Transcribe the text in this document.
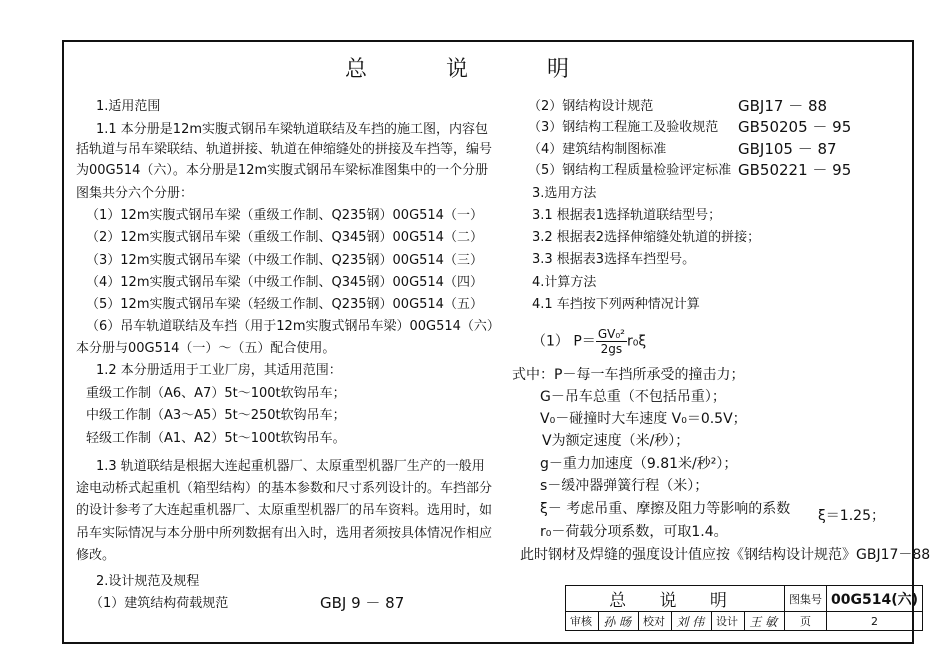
总 说 明
1.适用范围
1.1 本分册是12m实腹式钢吊车梁轨道联结及车挡的施工图，内容包
括轨道与吊车梁联结、轨道拼接、轨道在伸缩缝处的拼接及车挡等，编号
为00G514（六）。本分册是12m实腹式钢吊车梁标准图集中的一个分册
图集共分六个分册：
（1）12m实腹式钢吊车梁（重级工作制、Q235钢）00G514（一）
（2）12m实腹式钢吊车梁（重级工作制、Q345钢）00G514（二）
（3）12m实腹式钢吊车梁（中级工作制、Q235钢）00G514（三）
（4）12m实腹式钢吊车梁（中级工作制、Q345钢）00G514（四）
（5）12m实腹式钢吊车梁（轻级工作制、Q235钢）00G514（五）
（6）吊车轨道联结及车挡（用于12m实腹式钢吊车梁）00G514（六）
本分册与00G514（一）～（五）配合使用。
1.2 本分册适用于工业厂房，其适用范围：
重级工作制（A6、A7）5t～100t软钩吊车；
中级工作制（A3～A5）5t～250t软钩吊车；
轻级工作制（A1、A2）5t～100t软钩吊车。
1.3 轨道联结是根据大连起重机器厂、太原重型机器厂生产的一般用
途电动桥式起重机（箱型结构）的基本参数和尺寸系列设计的。车挡部分
的设计参考了大连起重机器厂、太原重型机器厂的吊车资料。选用时，如
吊车实际情况与本分册中所列数据有出入时，选用者须按具体情况作相应
修改。
2.设计规范及规程
（1）建筑结构荷载规范	GBJ 9 － 87
（2）钢结构设计规范	GBJ17 － 88
（3）钢结构工程施工及验收规范 GB50205 － 95
（4）建筑结构制图标准	GBJ105 － 87
（5）钢结构工程质量检验评定标准 GB50221 － 95
3.选用方法
3.1 根据表1选择轨道联结型号；
3.2 根据表2选择伸缩缝处轨道的拼接；
3.3 根据表3选择车挡型号。
4.计算方法
4.1 车挡按下列两种情况计算
式中：P－每一车挡所承受的撞击力；
G－吊车总重（不包括吊重）；
V₀－碰撞时大车速度 V₀＝0.5V；
V为额定速度（米/秒）；
g－重力加速度（9.81米/秒²）；
s－缓冲器弹簧行程（米）；
ξ－ 考虑吊重、摩擦及阻力等影响的系数
r₀－荷载分项系数，可取1.4。
此时钢材及焊缝的强度设计值应按《钢结构设计规范》GBJ17－88
（1） $P= \frac{\text{GV₀²}}{2gs} r_0\xi$
ξ＝1.25；
总 说 明						图集号	00G514(六)
审核	孙 旸	校对	刘 伟	设计	王 敏	页	2
